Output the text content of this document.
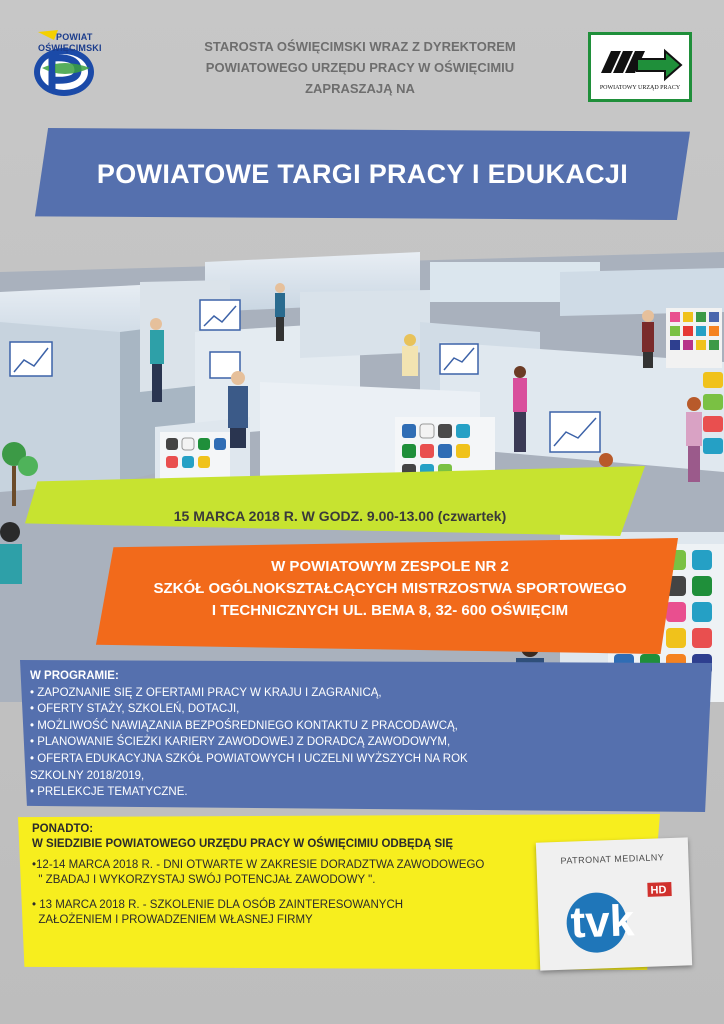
POWIAT
OŚWIĘCIMSKI	STAROSTA OŚWIĘCIMSKI WRAZ Z DYREKTOREM
POWIATOWEGO URZĘDU PRACY W OŚWIĘCIMIU
ZAPRASZAJĄ NA	POWIATOWY URZĄD PRACY
POWIATOWE TARGI PRACY I EDUKACJI
15 MARCA 2018 R. W GODZ. 9.00-13.00 (czwartek)
W POWIATOWYM ZESPOLE NR 2
SZKÓŁ OGÓLNOKSZTAŁCĄCYCH MISTRZOSTWA SPORTOWEGO
I TECHNICZNYCH UL. BEMA 8, 32- 600 OŚWIĘCIM
W PROGRAMIE:
• ZAPOZNANIE SIĘ Z OFERTAMI PRACY W KRAJU I ZAGRANICĄ,
• OFERTY STAŻY, SZKOLEŃ, DOTACJI,
• MOŻLIWOŚĆ NAWIĄZANIA BEZPOŚREDNIEGO KONTAKTU Z PRACODAWCĄ,
• PLANOWANIE ŚCIEŻKI KARIERY ZAWODOWEJ Z DORADCĄ ZAWODOWYM,
• OFERTA EDUKACYJNA SZKÓŁ POWIATOWYCH I UCZELNI WYŻSZYCH NA ROK
SZKOLNY 2018/2019,
• PRELEKCJE TEMATYCZNE.

PONADTO:

W SIEDZIBIE POWIATOWEGO URZĘDU PRACY W OŚWIĘCIMIU ODBĘDĄ SIĘ

•12-14 MARCA 2018 R. - DNI OTWARTE W ZAKRESIE DORADZTWA ZAWODOWEGO

" ZBADAJ I WYKORZYSTAJ SWÓJ POTENCJAŁ ZAWODOWY ".

• 13 MARCA 2018 R. - SZKOLENIE DLA OSÓB ZAINTERESOWANYCH

ZAŁOŻENIEM I PROWADZENIEM WŁASNEJ FIRMY

PATRONAT MEDIALNY
tvk
HD
